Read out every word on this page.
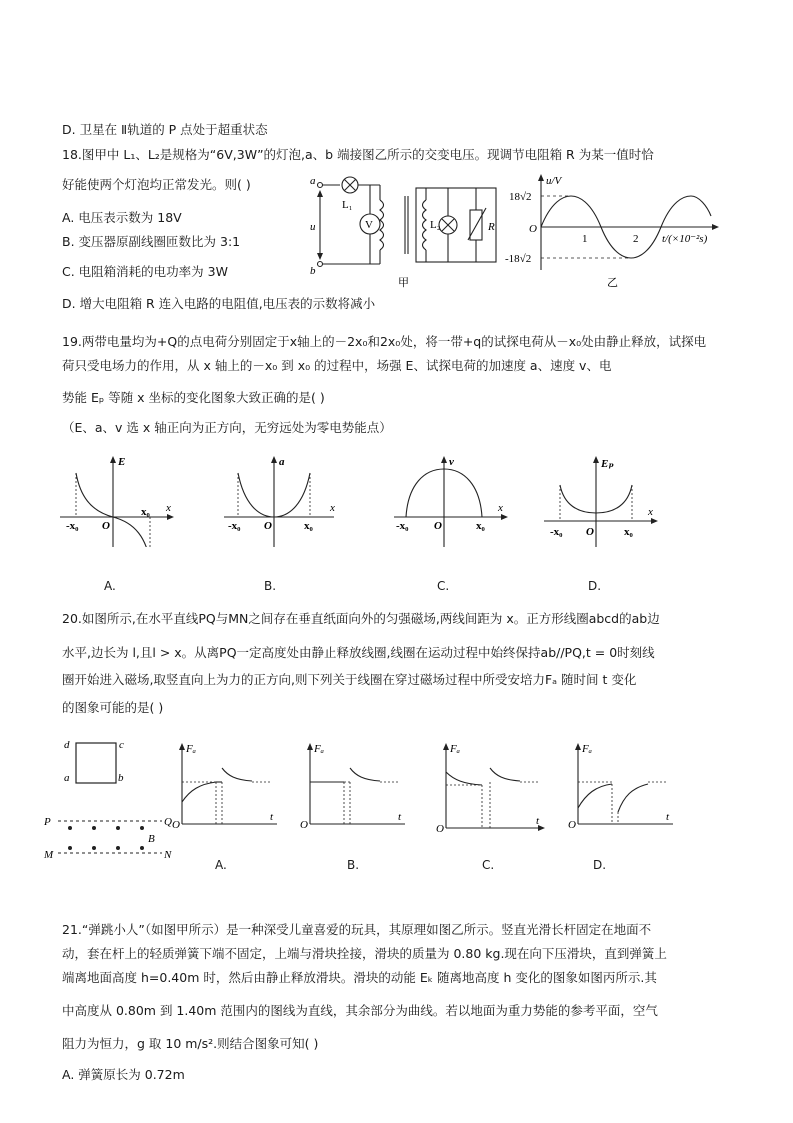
D. 卫星在 Ⅱ轨道的 P 点处于超重状态
18.图甲中 L₁、L₂是规格为“6V,3W”的灯泡,a、b 端接图乙所示的交变电压。现调节电阻箱 R 为某一值时恰
好能使两个灯泡均正常发光。则( )
A. 电压表示数为 18V
B. 变压器原副线圈匝数比为 3:1
C. 电阻箱消耗的电功率为 3W
D. 增大电阻箱 R 连入电路的电阻值,电压表的示数将减小
a
b
u
L₁
V	L₂	R
甲
u/V
18√2
-18√2
O
1	2 t/(×10⁻²s)
乙
19.两带电量均为+Q的点电荷分别固定于x轴上的－2x₀和2x₀处，将一带+q的试探电荷从－x₀处由静止释放，试探电
荷只受电场力的作用，从 x 轴上的－x₀ 到 x₀ 的过程中，场强 E、试探电荷的加速度 a、速度 v、电
势能 Eₚ 等随 x 坐标的变化图象大致正确的是( )
（E、a、v 选 x 轴正向为正方向，无穷远处为零电势能点）
E
x
-x₀ O
x₀
a
x
-x₀ O	x₀
v
x
-x₀ O	x₀
Eₚ
x
-x₀ O	x₀
A.	B.	C.	D.
20.如图所示,在水平直线PQ与MN之间存在垂直纸面向外的匀强磁场,两线间距为 x。正方形线圈abcd的ab边
水平,边长为 l,且l > x。从离PQ一定高度处由静止释放线圈,线圈在运动过程中始终保持ab//PQ,t = 0时刻线
圈开始进入磁场,取竖直向上为力的正方向,则下列关于线圈在穿过磁场过程中所受安培力Fₐ 随时间 t 变化
的图象可能的是( )
d	c
a	b
P	Q
M	N
B
Fₐ
t
O
Fₐ
t
O
Fₐ
t
O
Fₐ
t
O
A.	B.	C.	D.
21.“弹跳小人”（如图甲所示）是一种深受儿童喜爱的玩具，其原理如图乙所示。竖直光滑长杆固定在地面不
动，套在杆上的轻质弹簧下端不固定，上端与滑块拴接，滑块的质量为 0.80 kg.现在向下压滑块，直到弹簧上
端离地面高度 h=0.40m 时，然后由静止释放滑块。滑块的动能 Eₖ 随离地高度 h 变化的图象如图丙所示.其
中高度从 0.80m 到 1.40m 范围内的图线为直线，其余部分为曲线。若以地面为重力势能的参考平面，空气
阻力为恒力，g 取 10 m/s².则结合图象可知( )
A. 弹簧原长为 0.72m
